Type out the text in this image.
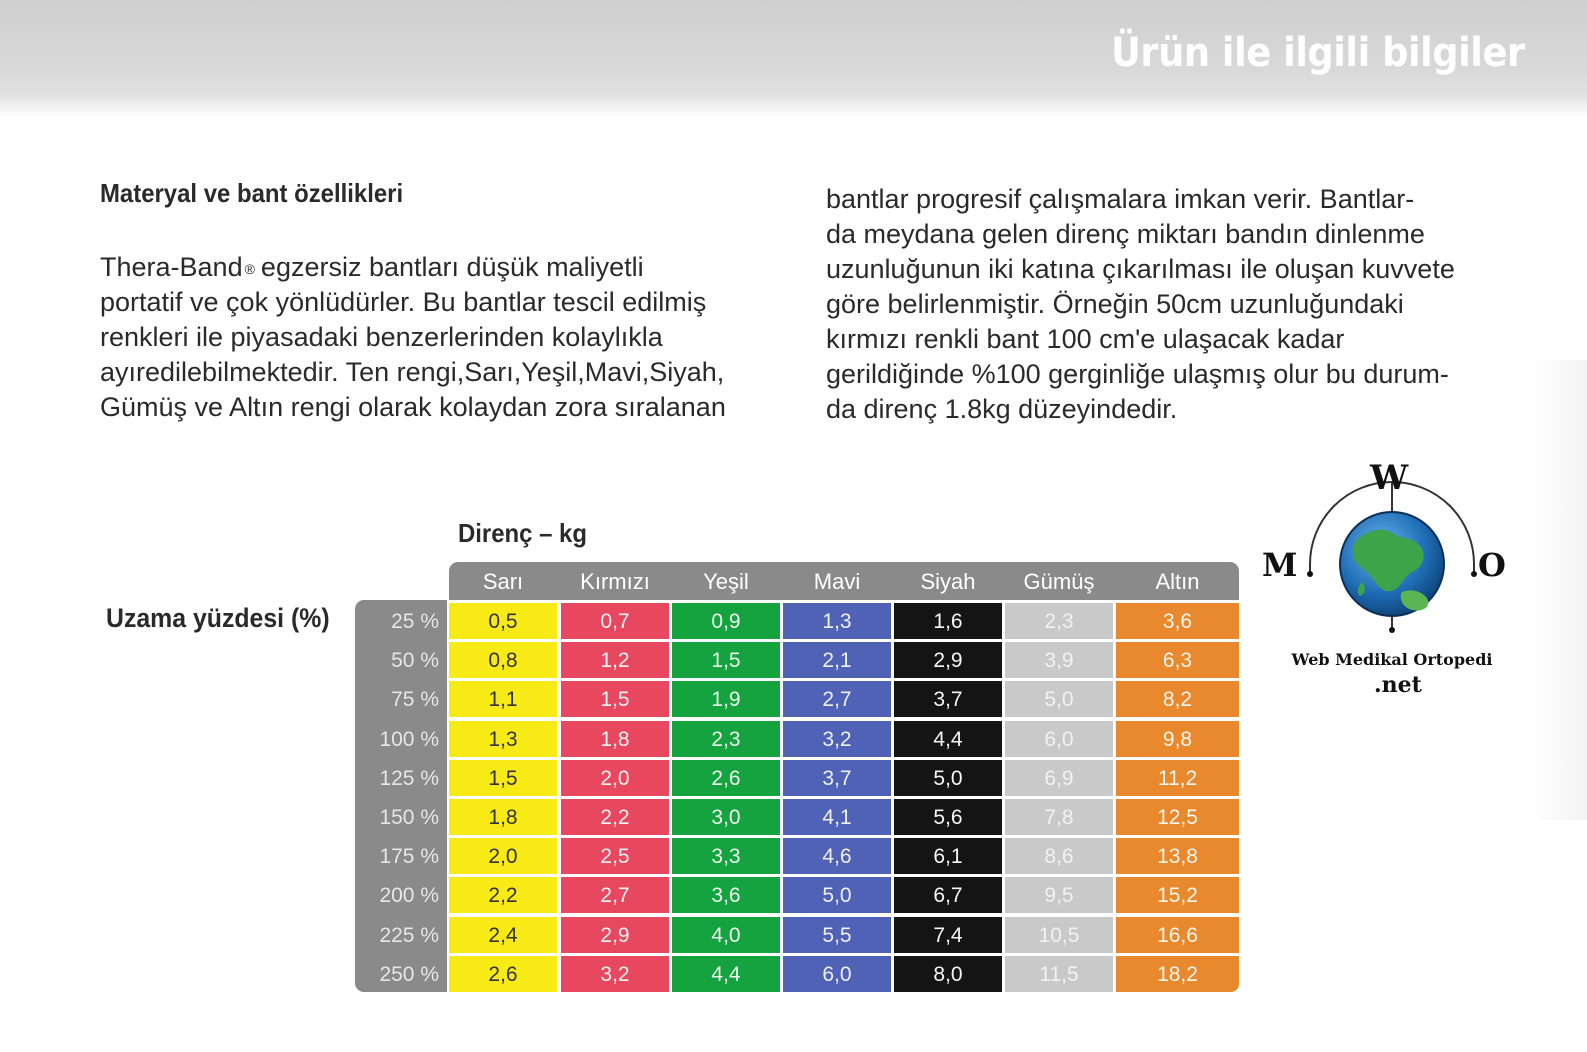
Ürün ile ilgili bilgiler
Materyal ve bant özellikleri

Thera-Band ® egzersiz bantları düşük maliyetli
portatif ve çok yönlüdürler. Bu bantlar tescil edilmiş
renkleri ile piyasadaki benzerlerinden kolaylıkla
ayıredilebilmektedir. Ten rengi,Sarı,Yeşil,Mavi,Siyah,
Gümüş ve Altın rengi olarak kolaydan zora sıralanan

bantlar progresif çalışmalara imkan verir. Bantlar-
da meydana gelen direnç miktarı bandın dinlenme
uzunluğunun iki katına çıkarılması ile oluşan kuvvete
göre belirlenmiştir. Örneğin 50cm uzunluğundaki
kırmızı renkli bant 100 cm'e ulaşacak kadar
gerildiğinde %100 gerginliğe ulaşmış olur bu durum-
da direnç 1.8kg düzeyindedir.

Direnç – kg
Uzama yüzdesi (%)
Sarı	Kırmızı	Yeşil	Mavi	Siyah	Gümüş	Altın
25 %	0,5	0,7	0,9	1,3	1,6	2,3	3,6
50 %	0,8	1,2	1,5	2,1	2,9	3,9	6,3
75 %	1,1	1,5	1,9	2,7	3,7	5,0	8,2
100 %	1,3	1,8	2,3	3,2	4,4	6,0	9,8
125 %	1,5	2,0	2,6	3,7	5,0	6,9	11,2
150 %	1,8	2,2	3,0	4,1	5,6	7,8	12,5
175 %	2,0	2,5	3,3	4,6	6,1	8,6	13,8
200 %	2,2	2,7	3,6	5,0	6,7	9,5	15,2
225 %	2,4	2,9	4,0	5,5	7,4	10,5	16,6
250 %	2,6	3,2	4,4	6,0	8,0	11,5	18,2
W
M	O
Web Medikal Ortopedi
.net
